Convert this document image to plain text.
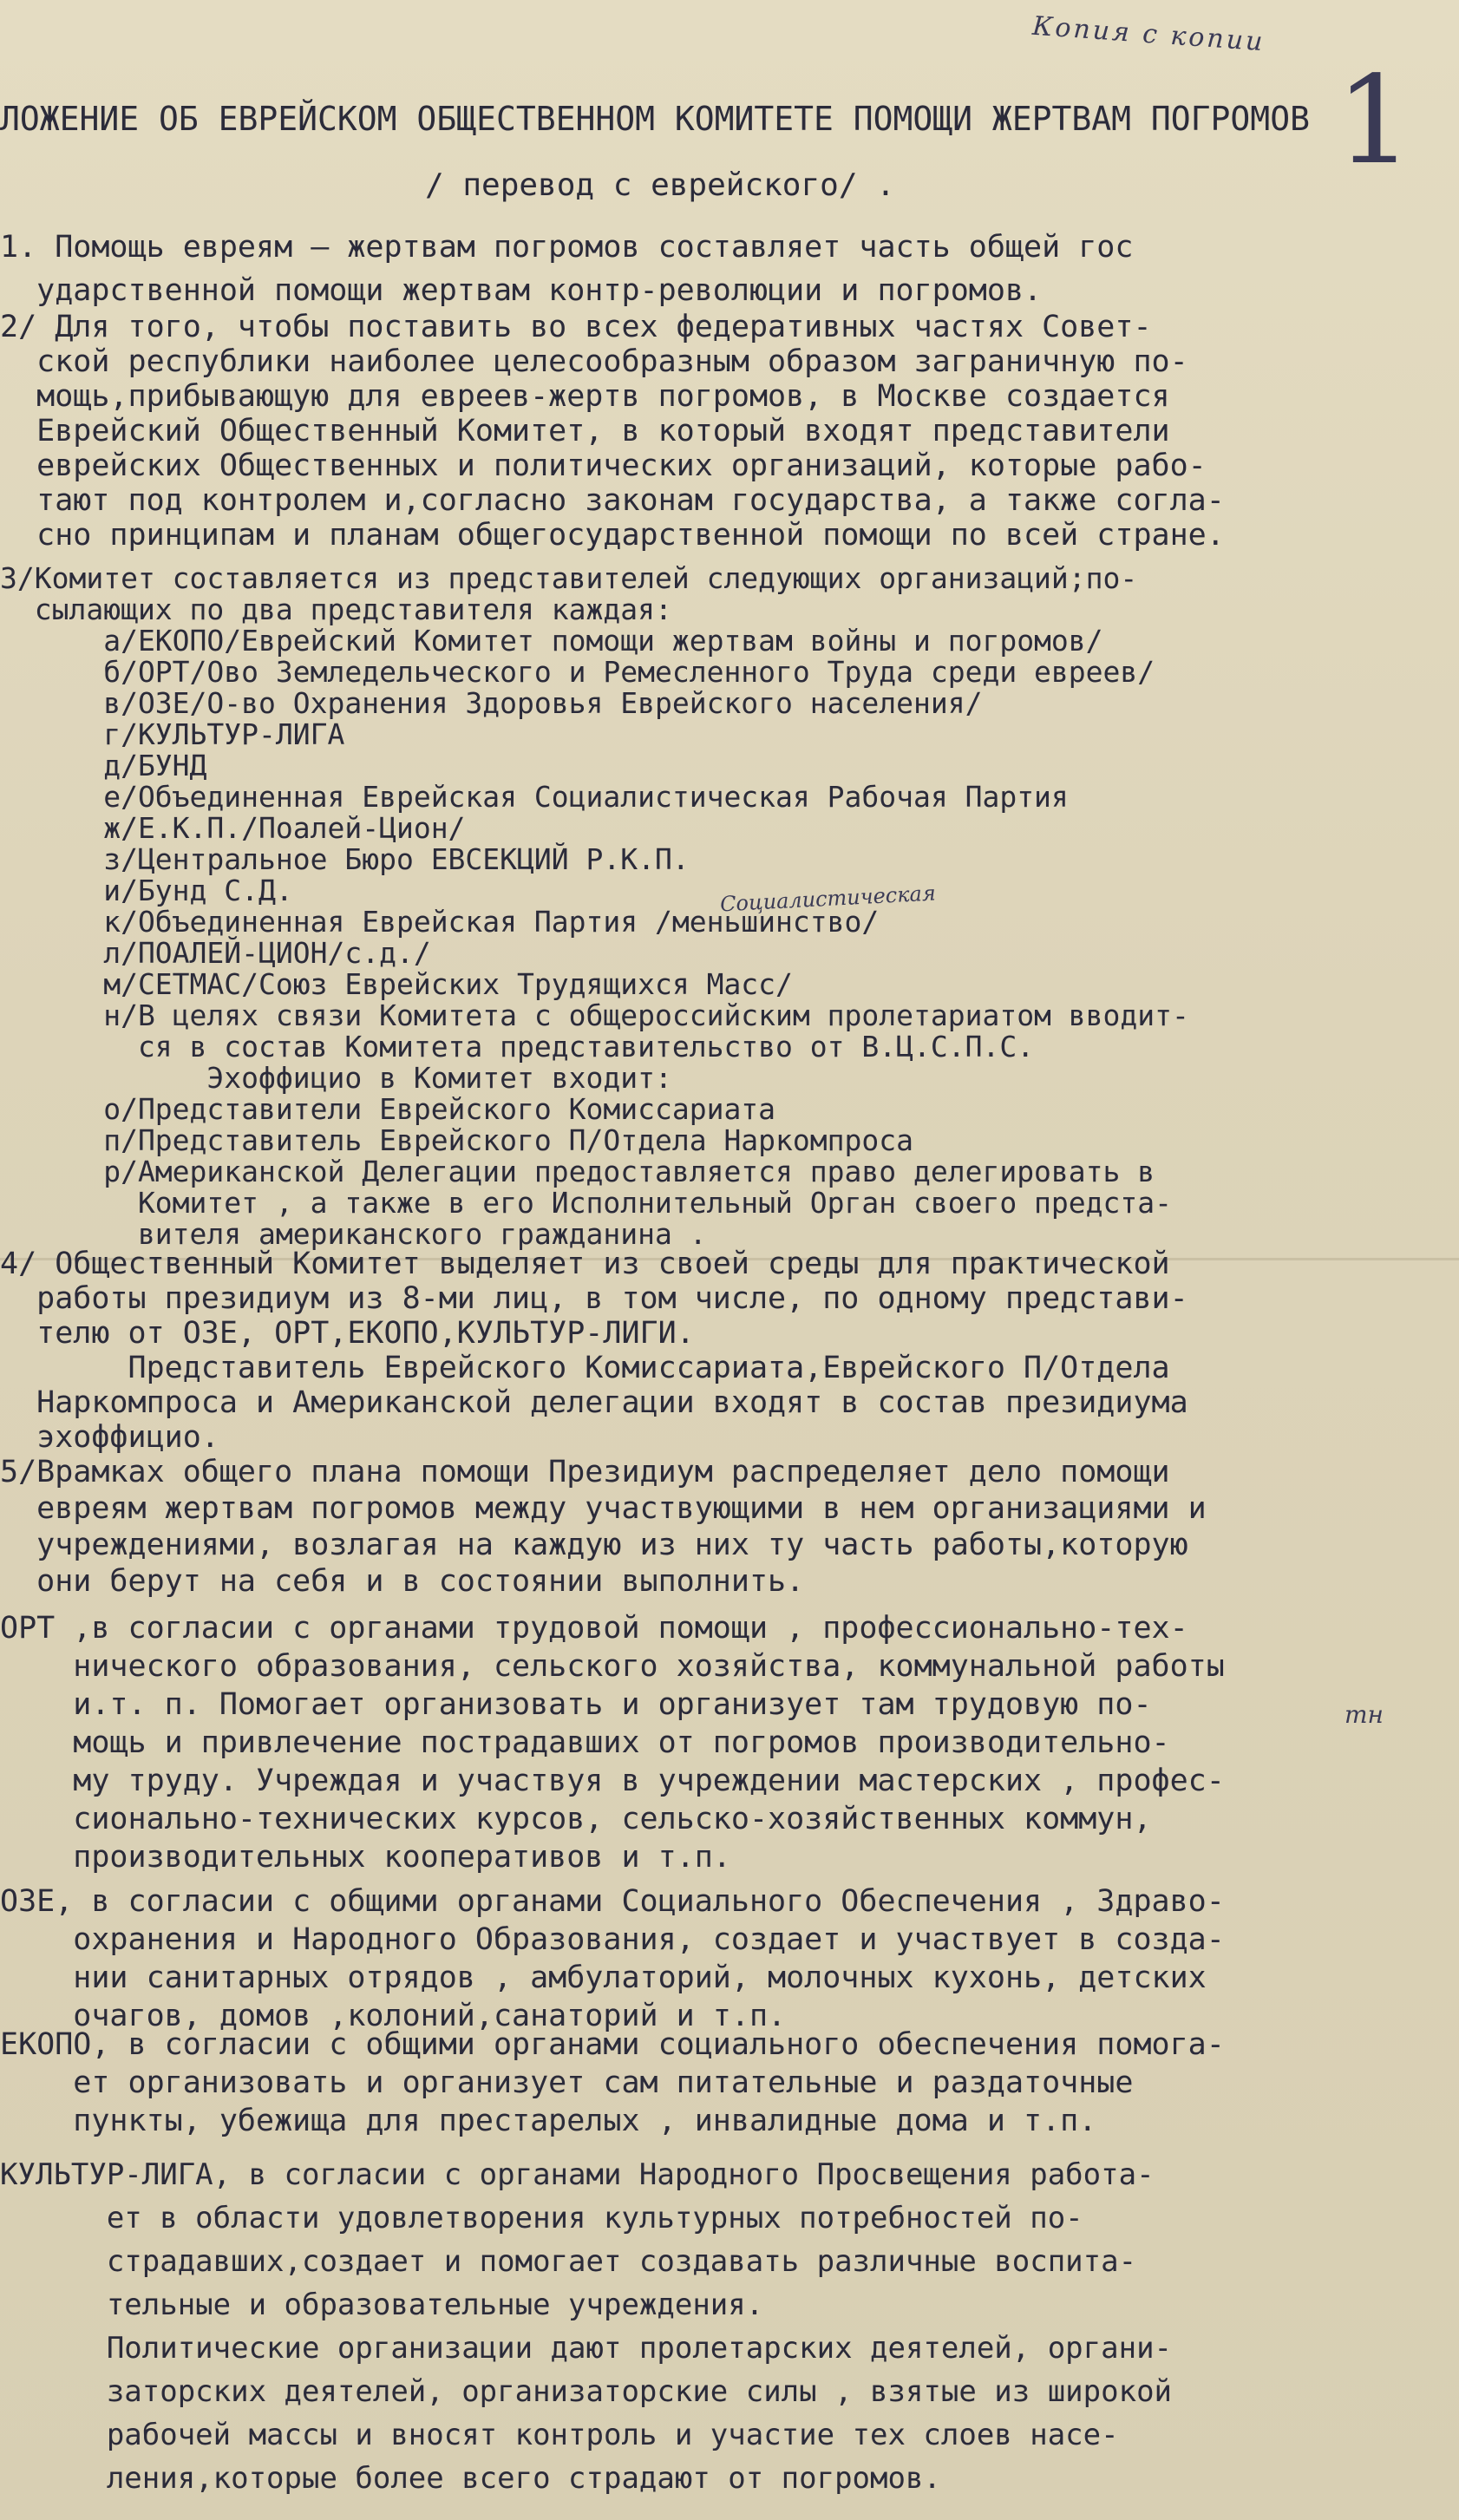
Копия с копии
1
ЛОЖЕНИЕ ОБ ЕВРЕЙСКОМ ОБЩЕСТВЕННОМ КОМИТЕТЕ ПОМОЩИ ЖЕРТВАМ ПОГРОМОВ
/ перевод с еврейского/ .
Социалистическая
тн
1. Помощь евреям — жертвам погромов составляет часть общей гос
ударственной помощи жертвам контр-революции и погромов.
2/ Для того, чтобы поставить во всех федеративных частях Совет-
ской республики наиболее целесообразным образом заграничную по-
мощь,прибывающую для евреев-жертв погромов, в Москве создается
Еврейский Общественный Комитет, в который входят представители
еврейских Общественных и политических организаций, которые рабо-
тают под контролем и,согласно законам государства, а также согла-
сно принципам и планам общегосударственной помощи по всей стране.
3/Комитет составляется из представителей следующих организаций;по-
сылающих по два представителя каждая:
а/ЕКОПО/Еврейский Комитет помощи жертвам войны и погромов/
б/ОРТ/Ово Земледельческого и Ремесленного Труда среди евреев/
в/ОЗЕ/О-во Охранения Здоровья Еврейского населения/
г/КУЛЬТУР-ЛИГА
д/БУНД
е/Объединенная Еврейская Социалистическая Рабочая Партия
ж/Е.К.П./Поалей-Цион/
з/Центральное Бюро ЕВСЕКЦИЙ Р.К.П.
и/Бунд С.Д.
к/Объединенная Еврейская Партия /меньшинство/
л/ПОАЛЕЙ-ЦИОН/с.д./
м/СЕТМАС/Союз Еврейских Трудящихся Масс/
н/В целях связи Комитета с общероссийским пролетариатом вводит-
ся в состав Комитета представительство от В.Ц.С.П.С.
Эхоффицио в Комитет входит:
о/Представители Еврейского Комиссариата
п/Представитель Еврейского П/Отдела Наркомпроса
р/Американской Делегации предоставляется право делегировать в
Комитет , а также в его Исполнительный Орган своего предста-
вителя американского гражданина .
4/ Общественный Комитет выделяет из своей среды для практической
работы президиум из 8-ми лиц, в том числе, по одному представи-
телю от ОЗЕ, ОРТ,ЕКОПО,КУЛЬТУР-ЛИГИ.
Представитель Еврейского Комиссариата,Еврейского П/Отдела
Наркомпроса и Американской делегации входят в состав президиума
эхоффицио.
5/Врамках общего плана помощи Президиум распределяет дело помощи
евреям жертвам погромов между участвующими в нем организациями и
учреждениями, возлагая на каждую из них ту часть работы,которую
они берут на себя и в состоянии выполнить.
ОРТ ,в согласии с органами трудовой помощи , профессионально-тех-
нического образования, сельского хозяйства, коммунальной работы
и.т. п. Помогает организовать и организует там трудовую по-
мощь и привлечение пострадавших от погромов производительно-
му труду. Учреждая и участвуя в учреждении мастерских , профес-
сионально-технических курсов, сельско-хозяйственных коммун,
производительных кооперативов и т.п.
ОЗЕ, в согласии с общими органами Социального Обеспечения , Здраво-
охранения и Народного Образования, создает и участвует в созда-
нии санитарных отрядов , амбулаторий, молочных кухонь, детских
очагов, домов ,колоний,санаторий и т.п.
ЕКОПО, в согласии с общими органами социального обеспечения помога-
ет организовать и организует сам питательные и раздаточные
пункты, убежища для престарелых , инвалидные дома и т.п.
КУЛЬТУР-ЛИГА, в согласии с органами Народного Просвещения работа-
ет в области удовлетворения культурных потребностей по-
страдавших,создает и помогает создавать различные воспита-
тельные и образовательные учреждения.
Политические организации дают пролетарских деятелей, органи-
заторских деятелей, организаторские силы , взятые из широкой
рабочей массы и вносят контроль и участие тех слоев насе-
ления,которые более всего страдают от погромов.
